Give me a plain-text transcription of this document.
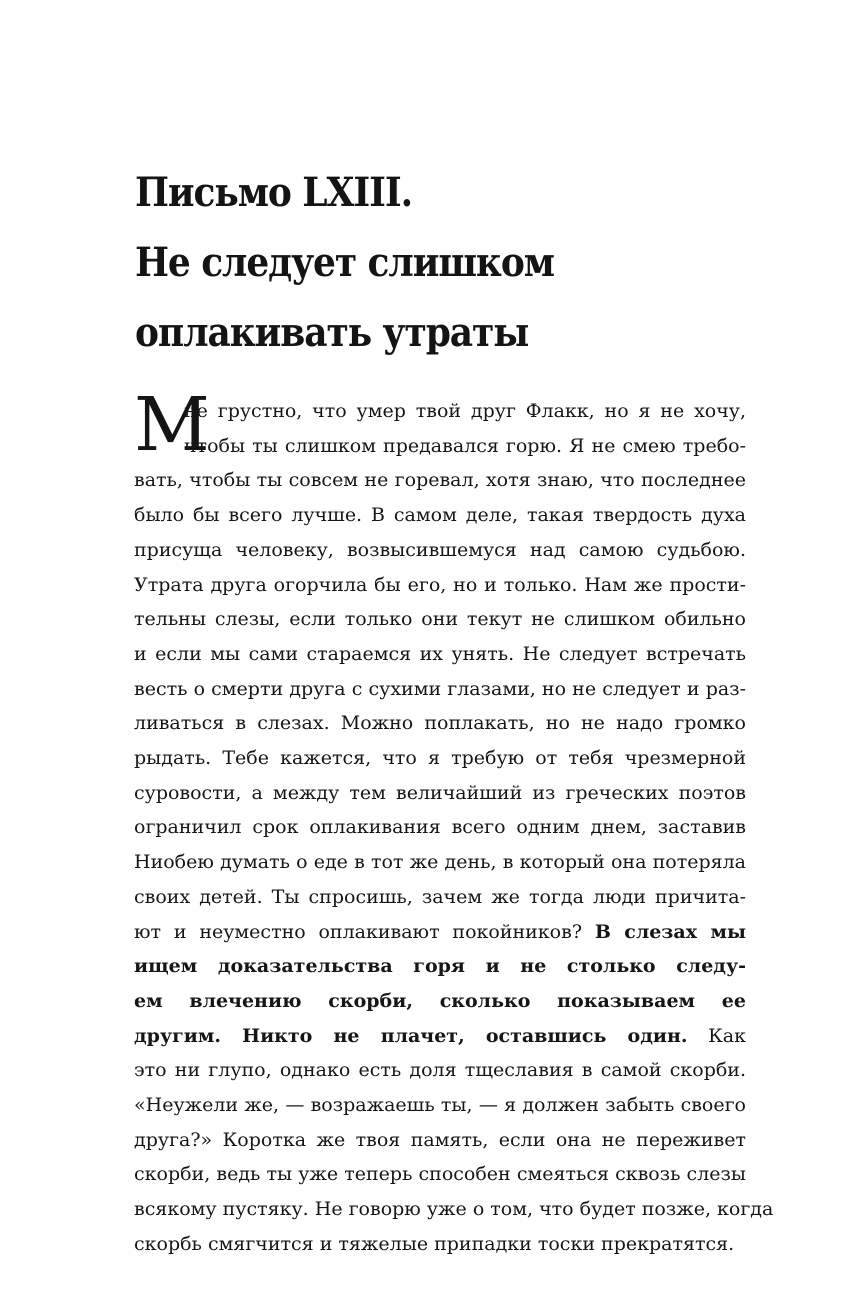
Письмо LXIII.
Не следует слишком
оплакивать утраты
М
не грустно, что умер твой друг Флакк, но я не хочу,
чтобы ты слишком предавался горю. Я не смею требо-
вать, чтобы ты совсем не горевал, хотя знаю, что последнее
было бы всего лучше. В самом деле, такая твердость духа
присуща человеку, возвысившемуся над самою судьбою.
Утрата друга огорчила бы его, но и только. Нам же прости-
тельны слезы, если только они текут не слишком обильно
и если мы сами стараемся их унять. Не следует встречать
весть о смерти друга с сухими глазами, но не следует и раз-
ливаться в слезах. Можно поплакать, но не надо громко
рыдать. Тебе кажется, что я требую от тебя чрезмерной
суровости, а между тем величайший из греческих поэтов
ограничил срок оплакивания всего одним днем, заставив
Ниобею думать о еде в тот же день, в который она потеряла
своих детей. Ты спросишь, зачем же тогда люди причита-
ют и неуместно оплакивают покойников? В слезах мы
ищем доказательства горя и не столько следу-
ем влечению скорби, сколько показываем ее
другим. Никто не плачет, оставшись один. Как
это ни глупо, однако есть доля тщеславия в самой скорби.
«Неужели же, — возражаешь ты, — я должен забыть своего
друга?» Коротка же твоя память, если она не переживет
скорби, ведь ты уже теперь способен смеяться сквозь слезы
всякому пустяку. Не говорю уже о том, что будет позже, когда
скорбь смягчится и тяжелые припадки тоски прекратятся.
